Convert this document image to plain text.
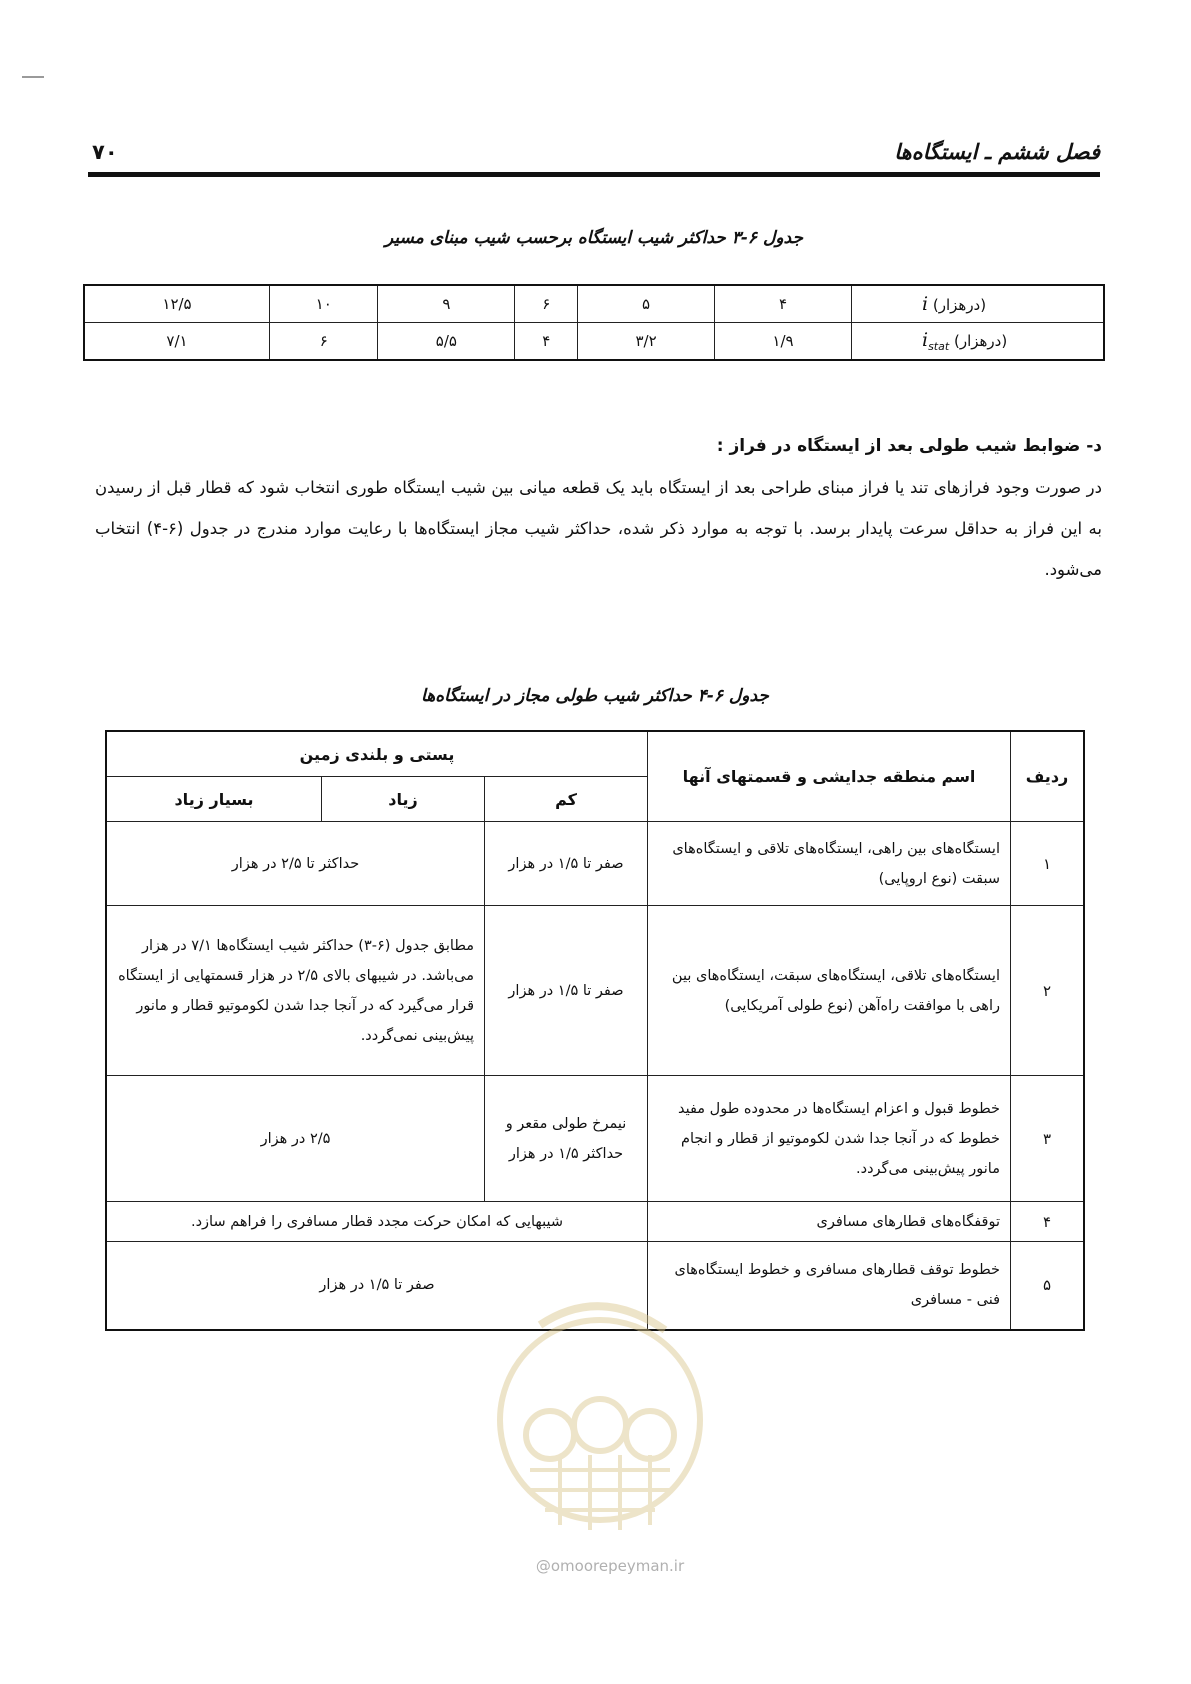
فصل ششم ـ ایستگاه‌ها
۷۰
جدول ۶-۳ حداکثر شیب ایستگاه برحسب شیب مبنای مسیر
i (درهزار)	۴	۵	۶	۹	۱۰	۱۲/۵
$i_{stat}$ (درهزار)	۱/۹	۳/۲	۴	۵/۵	۶	۷/۱
د- ضوابط شیب طولی بعد از ایستگاه در فراز :
در صورت وجود فرازهای تند یا فراز مبنای طراحی بعد از ایستگاه باید یک قطعه میانی بین شیب ایستگاه طوری انتخاب شود که قطار قبل از رسیدن به این فراز به حداقل سرعت پایدار برسد. با توجه به موارد ذکر شده، حداکثر شیب مجاز ایستگاه‌ها با رعایت موارد مندرج در جدول (۶-۴) انتخاب می‌شود.
جدول ۶-۴ حداکثر شیب طولی مجاز در ایستگاه‌ها
ردیف	اسم منطقه جدایشی و قسمتهای آنها	پستی و بلندی زمین		
		کم	زیاد	بسیار زیاد
۱	ایستگاه‌های بین راهی، ایستگاه‌های تلاقی و ایستگاه‌های سبقت (نوع اروپایی)	صفر تا ۱/۵ در هزار	حداکثر تا ۲/۵ در هزار	
۲	ایستگاه‌های تلاقی، ایستگاه‌های سبقت، ایستگاه‌های بین راهی با موافقت راه‌آهن (نوع طولی آمریکایی)	صفر تا ۱/۵ در هزار	مطابق جدول (۶-۳) حداکثر شیب ایستگاه‌ها ۷/۱ در هزار می‌باشد. در شیبهای بالای ۲/۵ در هزار قسمتهایی از ایستگاه قرار می‌گیرد که در آنجا جدا شدن لکوموتیو قطار و مانور پیش‌بینی نمی‌گردد.	
۳	خطوط قبول و اعزام ایستگاه‌ها در محدوده طول مفید خطوط که در آنجا جدا شدن لکوموتیو از قطار و انجام مانور پیش‌بینی می‌گردد.	نیمرخ طولی مقعر و حداکثر ۱/۵ در هزار	۲/۵ در هزار	
۴	توقفگاه‌های قطارهای مسافری	شیبهایی که امکان حرکت مجدد قطار مسافری را فراهم سازد.		
۵	خطوط توقف قطارهای مسافری و خطوط ایستگاه‌های فنی - مسافری	صفر تا ۱/۵ در هزار		
@omoorepeyman.ir
